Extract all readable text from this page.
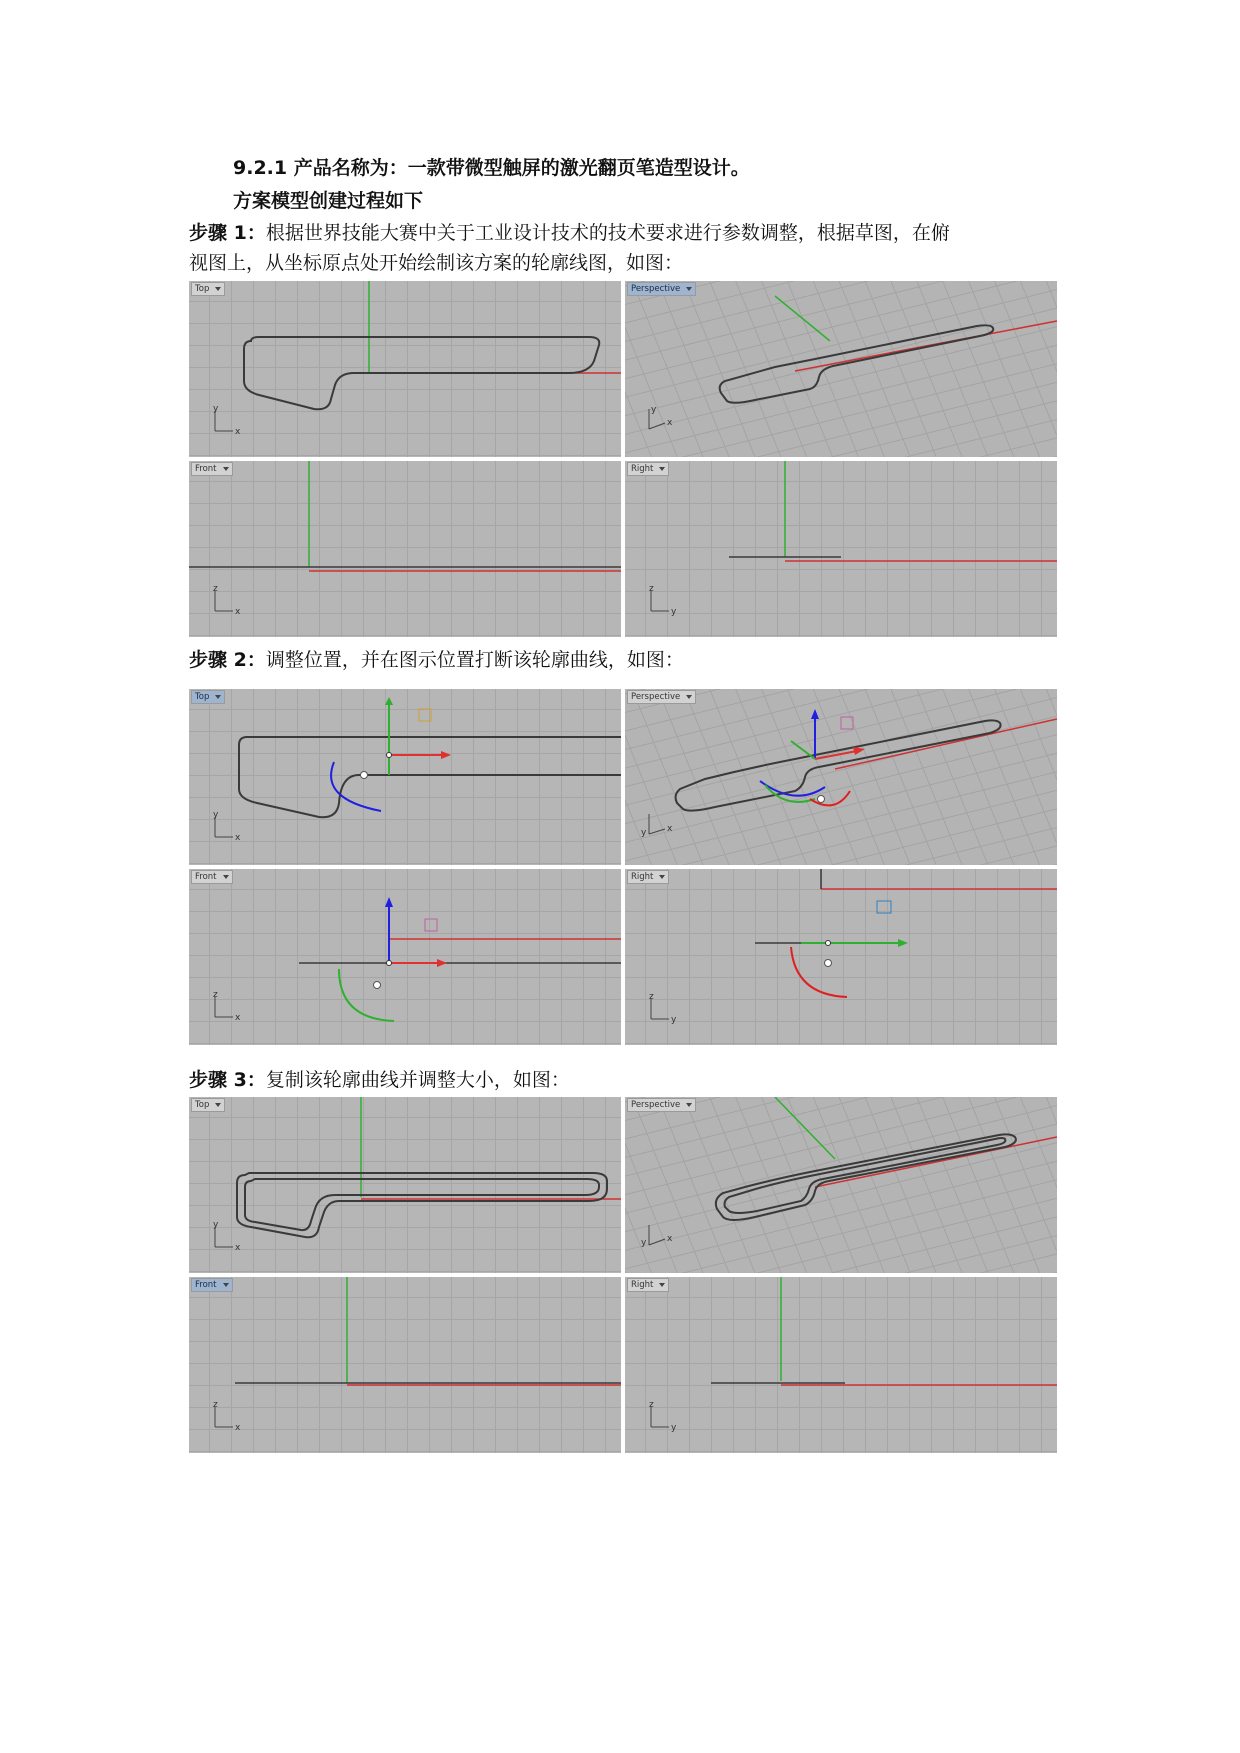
9.2.1 产品名称为：一款带微型触屏的激光翻页笔造型设计。
方案模型创建过程如下
步骤 1：根据世界技能大赛中关于工业设计技术的技术要求进行参数调整，根据草图，在俯
视图上，从坐标原点处开始绘制该方案的轮廓线图，如图：
Top
y
x
Perspective
x
y
Front
z
x
Right
z
y
步骤 2：调整位置，并在图示位置打断该轮廓曲线，如图：
Top
y
x
Perspective
y x
Front
z
x
Right
z
y
步骤 3：复制该轮廓曲线并调整大小，如图：
Top
y
x
Perspective
x
y
Front
z
x
Right
z
y
